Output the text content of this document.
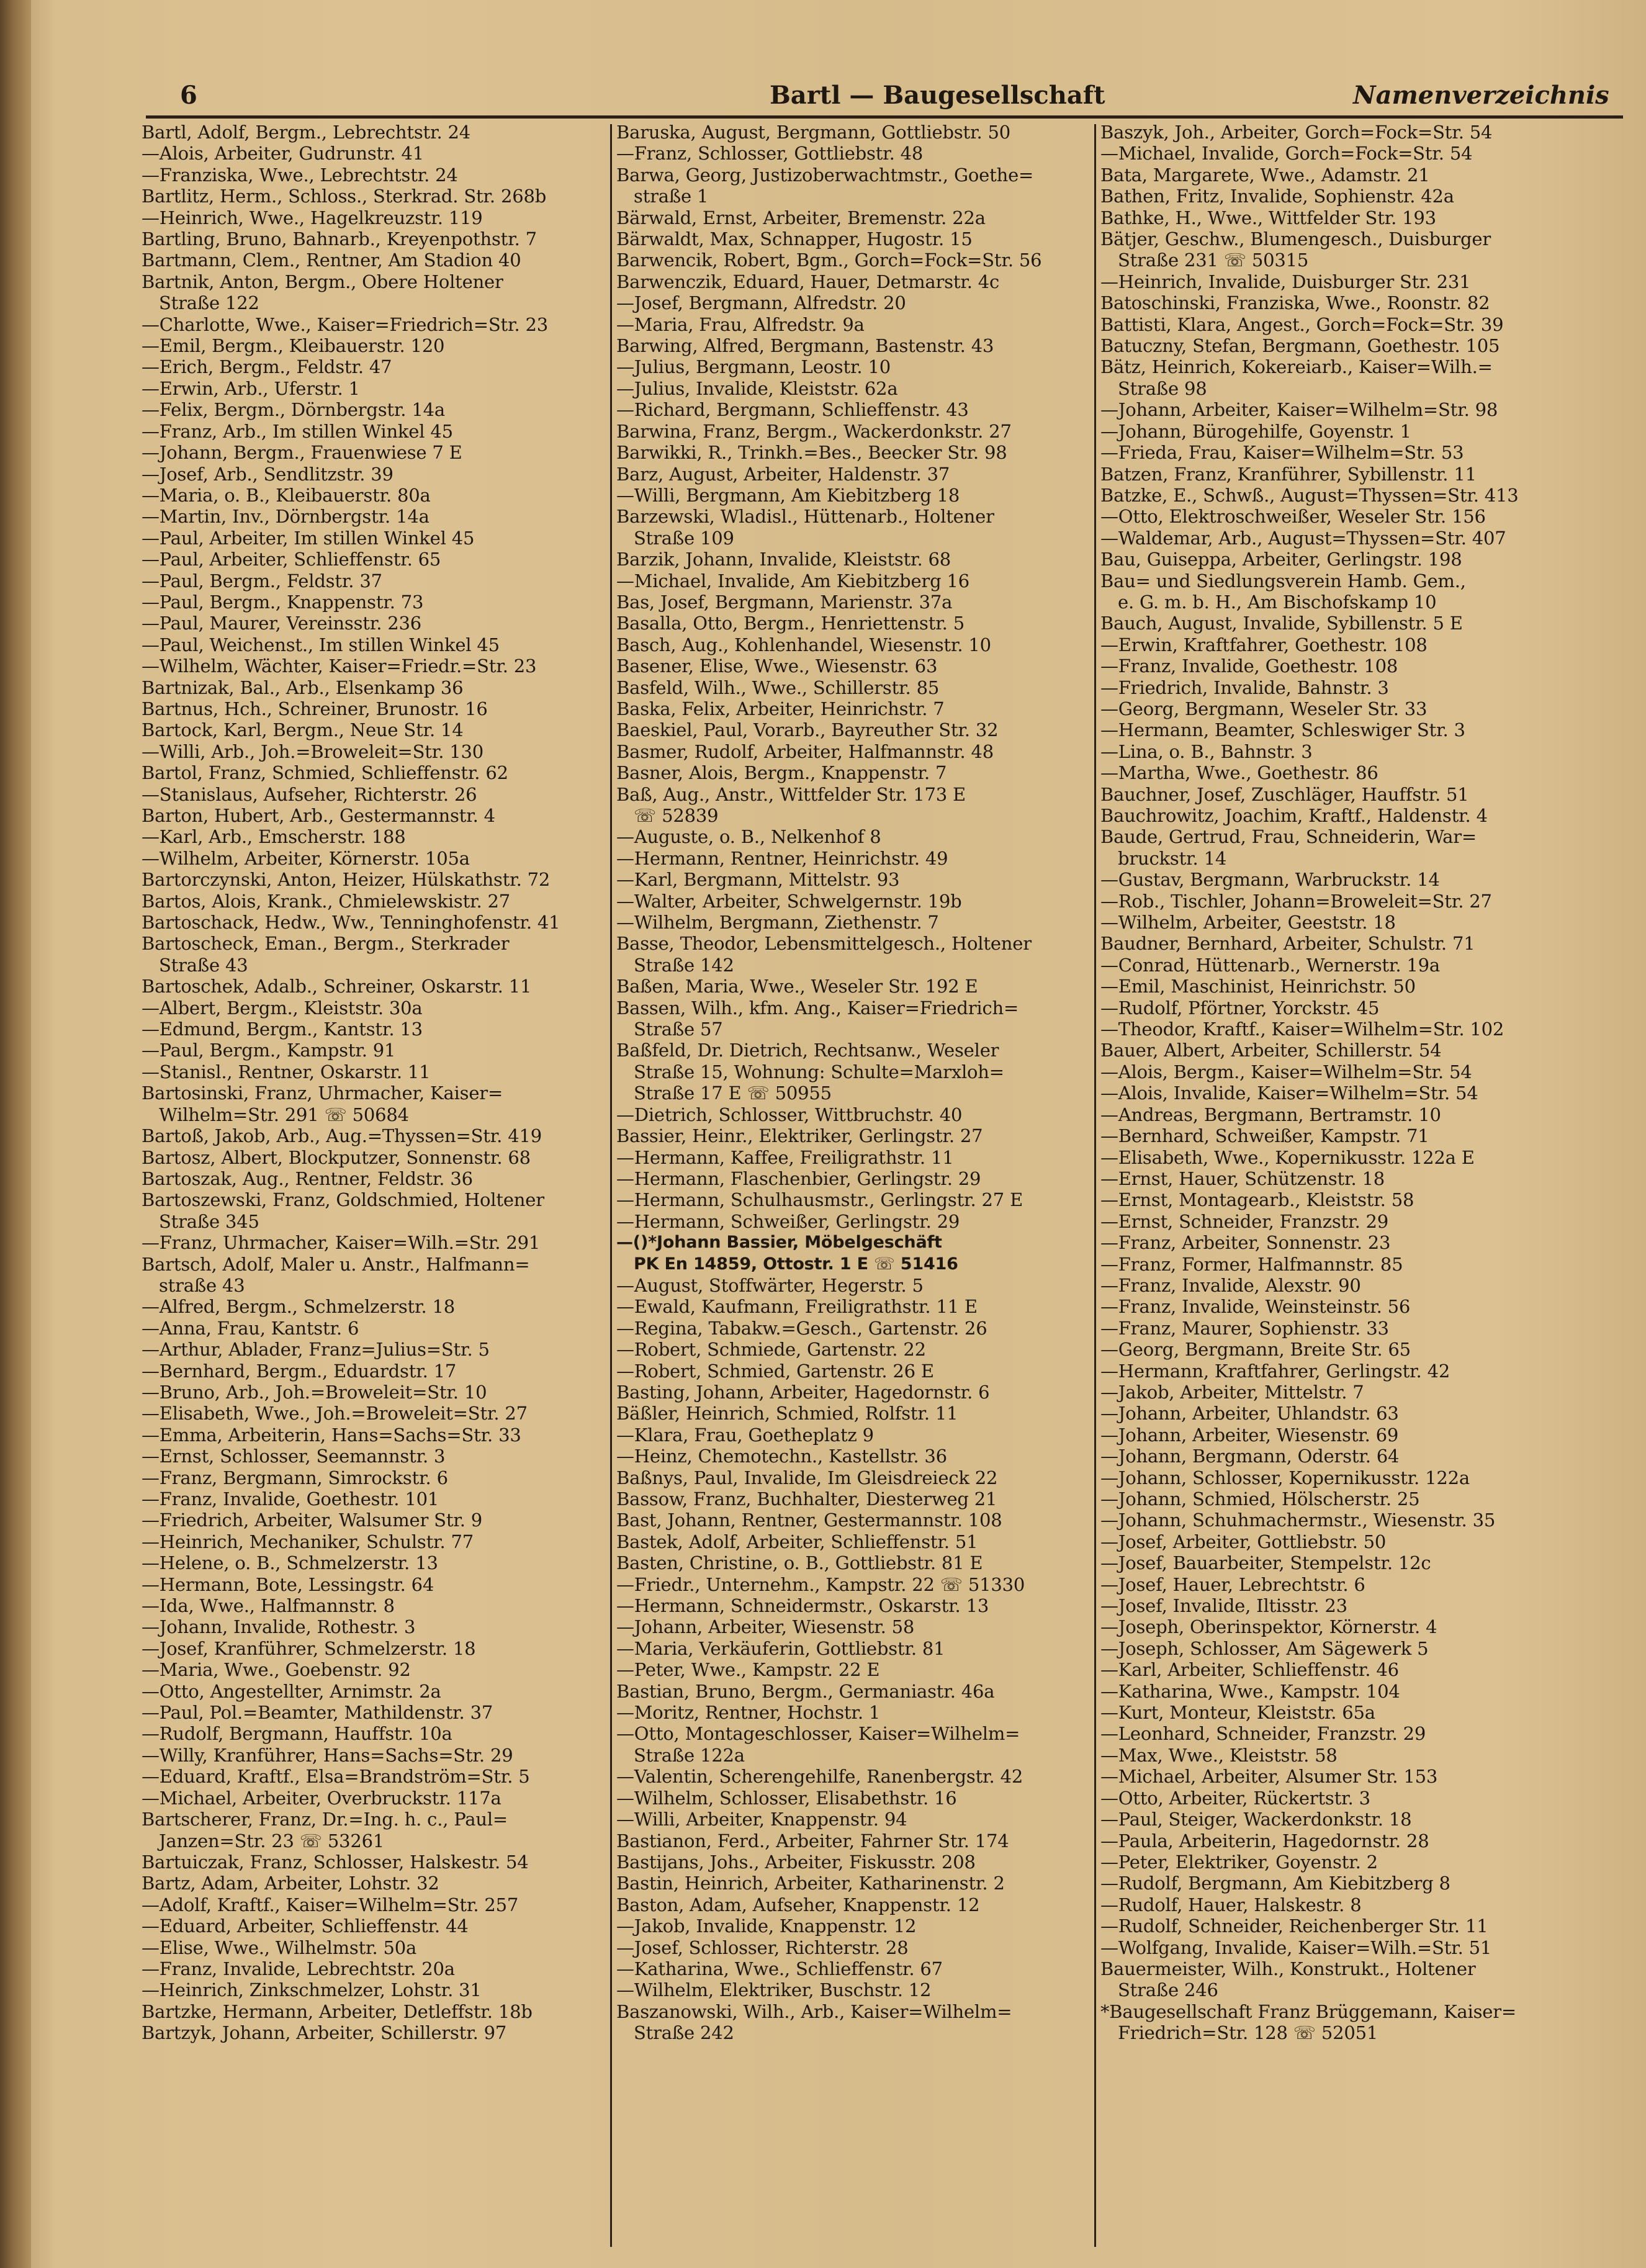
6	Bartl — Baugesellschaft	Namenverzeichnis
Bartl, Adolf, Bergm., Lebrechtstr. 24
—Alois, Arbeiter, Gudrunstr. 41
—Franziska, Wwe., Lebrechtstr. 24
Bartlitz, Herm., Schloss., Sterkrad. Str. 268b
—Heinrich, Wwe., Hagelkreuzstr. 119
Bartling, Bruno, Bahnarb., Kreyenpothstr. 7
Bartmann, Clem., Rentner, Am Stadion 40
Bartnik, Anton, Bergm., Obere Holtener
Straße 122
—Charlotte, Wwe., Kaiser=Friedrich=Str. 23
—Emil, Bergm., Kleibauerstr. 120
—Erich, Bergm., Feldstr. 47
—Erwin, Arb., Uferstr. 1
—Felix, Bergm., Dörnbergstr. 14a
—Franz, Arb., Im stillen Winkel 45
—Johann, Bergm., Frauenwiese 7 E
—Josef, Arb., Sendlitzstr. 39
—Maria, o. B., Kleibauerstr. 80a
—Martin, Inv., Dörnbergstr. 14a
—Paul, Arbeiter, Im stillen Winkel 45
—Paul, Arbeiter, Schlieffenstr. 65
—Paul, Bergm., Feldstr. 37
—Paul, Bergm., Knappenstr. 73
—Paul, Maurer, Vereinsstr. 236
—Paul, Weichenst., Im stillen Winkel 45
—Wilhelm, Wächter, Kaiser=Friedr.=Str. 23
Bartnizak, Bal., Arb., Elsenkamp 36
Bartnus, Hch., Schreiner, Brunostr. 16
Bartock, Karl, Bergm., Neue Str. 14
—Willi, Arb., Joh.=Broweleit=Str. 130
Bartol, Franz, Schmied, Schlieffenstr. 62
—Stanislaus, Aufseher, Richterstr. 26
Barton, Hubert, Arb., Gestermannstr. 4
—Karl, Arb., Emscherstr. 188
—Wilhelm, Arbeiter, Körnerstr. 105a
Bartorczynski, Anton, Heizer, Hülskathstr. 72
Bartos, Alois, Krank., Chmielewskistr. 27
Bartoschack, Hedw., Ww., Tenninghofenstr. 41
Bartoscheck, Eman., Bergm., Sterkrader
Straße 43
Bartoschek, Adalb., Schreiner, Oskarstr. 11
—Albert, Bergm., Kleiststr. 30a
—Edmund, Bergm., Kantstr. 13
—Paul, Bergm., Kampstr. 91
—Stanisl., Rentner, Oskarstr. 11
Bartosinski, Franz, Uhrmacher, Kaiser=
Wilhelm=Str. 291 ☏ 50684
Bartoß, Jakob, Arb., Aug.=Thyssen=Str. 419
Bartosz, Albert, Blockputzer, Sonnenstr. 68
Bartoszak, Aug., Rentner, Feldstr. 36
Bartoszewski, Franz, Goldschmied, Holtener
Straße 345
—Franz, Uhrmacher, Kaiser=Wilh.=Str. 291
Bartsch, Adolf, Maler u. Anstr., Halfmann=
straße 43
—Alfred, Bergm., Schmelzerstr. 18
—Anna, Frau, Kantstr. 6
—Arthur, Ablader, Franz=Julius=Str. 5
—Bernhard, Bergm., Eduardstr. 17
—Bruno, Arb., Joh.=Broweleit=Str. 10
—Elisabeth, Wwe., Joh.=Broweleit=Str. 27
—Emma, Arbeiterin, Hans=Sachs=Str. 33
—Ernst, Schlosser, Seemannstr. 3
—Franz, Bergmann, Simrockstr. 6
—Franz, Invalide, Goethestr. 101
—Friedrich, Arbeiter, Walsumer Str. 9
—Heinrich, Mechaniker, Schulstr. 77
—Helene, o. B., Schmelzerstr. 13
—Hermann, Bote, Lessingstr. 64
—Ida, Wwe., Halfmannstr. 8
—Johann, Invalide, Rothestr. 3
—Josef, Kranführer, Schmelzerstr. 18
—Maria, Wwe., Goebenstr. 92
—Otto, Angestellter, Arnimstr. 2a
—Paul, Pol.=Beamter, Mathildenstr. 37
—Rudolf, Bergmann, Hauffstr. 10a
—Willy, Kranführer, Hans=Sachs=Str. 29
—Eduard, Kraftf., Elsa=Brandström=Str. 5
—Michael, Arbeiter, Overbruckstr. 117a
Bartscherer, Franz, Dr.=Ing. h. c., Paul=
Janzen=Str. 23 ☏ 53261
Bartuiczak, Franz, Schlosser, Halskestr. 54
Bartz, Adam, Arbeiter, Lohstr. 32
—Adolf, Kraftf., Kaiser=Wilhelm=Str. 257
—Eduard, Arbeiter, Schlieffenstr. 44
—Elise, Wwe., Wilhelmstr. 50a
—Franz, Invalide, Lebrechtstr. 20a
—Heinrich, Zinkschmelzer, Lohstr. 31
Bartzke, Hermann, Arbeiter, Detleffstr. 18b
Bartzyk, Johann, Arbeiter, Schillerstr. 97
Baruska, August, Bergmann, Gottliebstr. 50
—Franz, Schlosser, Gottliebstr. 48
Barwa, Georg, Justizoberwachtmstr., Goethe=
straße 1
Bärwald, Ernst, Arbeiter, Bremenstr. 22a
Bärwaldt, Max, Schnapper, Hugostr. 15
Barwencik, Robert, Bgm., Gorch=Fock=Str. 56
Barwenczik, Eduard, Hauer, Detmarstr. 4c
—Josef, Bergmann, Alfredstr. 20
—Maria, Frau, Alfredstr. 9a
Barwing, Alfred, Bergmann, Bastenstr. 43
—Julius, Bergmann, Leostr. 10
—Julius, Invalide, Kleiststr. 62a
—Richard, Bergmann, Schlieffenstr. 43
Barwina, Franz, Bergm., Wackerdonkstr. 27
Barwikki, R., Trinkh.=Bes., Beecker Str. 98
Barz, August, Arbeiter, Haldenstr. 37
—Willi, Bergmann, Am Kiebitzberg 18
Barzewski, Wladisl., Hüttenarb., Holtener
Straße 109
Barzik, Johann, Invalide, Kleiststr. 68
—Michael, Invalide, Am Kiebitzberg 16
Bas, Josef, Bergmann, Marienstr. 37a
Basalla, Otto, Bergm., Henriettenstr. 5
Basch, Aug., Kohlenhandel, Wiesenstr. 10
Basener, Elise, Wwe., Wiesenstr. 63
Basfeld, Wilh., Wwe., Schillerstr. 85
Baska, Felix, Arbeiter, Heinrichstr. 7
Baeskiel, Paul, Vorarb., Bayreuther Str. 32
Basmer, Rudolf, Arbeiter, Halfmannstr. 48
Basner, Alois, Bergm., Knappenstr. 7
Baß, Aug., Anstr., Wittfelder Str. 173 E
☏ 52839
—Auguste, o. B., Nelkenhof 8
—Hermann, Rentner, Heinrichstr. 49
—Karl, Bergmann, Mittelstr. 93
—Walter, Arbeiter, Schwelgernstr. 19b
—Wilhelm, Bergmann, Ziethenstr. 7
Basse, Theodor, Lebensmittelgesch., Holtener
Straße 142
Baßen, Maria, Wwe., Weseler Str. 192 E
Bassen, Wilh., kfm. Ang., Kaiser=Friedrich=
Straße 57
Baßfeld, Dr. Dietrich, Rechtsanw., Weseler
Straße 15, Wohnung: Schulte=Marxloh=
Straße 17 E ☏ 50955
—Dietrich, Schlosser, Wittbruchstr. 40
Bassier, Heinr., Elektriker, Gerlingstr. 27
—Hermann, Kaffee, Freiligrathstr. 11
—Hermann, Flaschenbier, Gerlingstr. 29
—Hermann, Schulhausmstr., Gerlingstr. 27 E
—Hermann, Schweißer, Gerlingstr. 29
—()*Johann Bassier, Möbelgeschäft
PK En 14859, Ottostr. 1 E ☏ 51416
—August, Stoffwärter, Hegerstr. 5
—Ewald, Kaufmann, Freiligrathstr. 11 E
—Regina, Tabakw.=Gesch., Gartenstr. 26
—Robert, Schmiede, Gartenstr. 22
—Robert, Schmied, Gartenstr. 26 E
Basting, Johann, Arbeiter, Hagedornstr. 6
Bäßler, Heinrich, Schmied, Rolfstr. 11
—Klara, Frau, Goetheplatz 9
—Heinz, Chemotechn., Kastellstr. 36
Baßnys, Paul, Invalide, Im Gleisdreieck 22
Bassow, Franz, Buchhalter, Diesterweg 21
Bast, Johann, Rentner, Gestermannstr. 108
Bastek, Adolf, Arbeiter, Schlieffenstr. 51
Basten, Christine, o. B., Gottliebstr. 81 E
—Friedr., Unternehm., Kampstr. 22 ☏ 51330
—Hermann, Schneidermstr., Oskarstr. 13
—Johann, Arbeiter, Wiesenstr. 58
—Maria, Verkäuferin, Gottliebstr. 81
—Peter, Wwe., Kampstr. 22 E
Bastian, Bruno, Bergm., Germaniastr. 46a
—Moritz, Rentner, Hochstr. 1
—Otto, Montageschlosser, Kaiser=Wilhelm=
Straße 122a
—Valentin, Scherengehilfe, Ranenbergstr. 42
—Wilhelm, Schlosser, Elisabethstr. 16
—Willi, Arbeiter, Knappenstr. 94
Bastianon, Ferd., Arbeiter, Fahrner Str. 174
Bastijans, Johs., Arbeiter, Fiskusstr. 208
Bastin, Heinrich, Arbeiter, Katharinenstr. 2
Baston, Adam, Aufseher, Knappenstr. 12
—Jakob, Invalide, Knappenstr. 12
—Josef, Schlosser, Richterstr. 28
—Katharina, Wwe., Schlieffenstr. 67
—Wilhelm, Elektriker, Buschstr. 12
Baszanowski, Wilh., Arb., Kaiser=Wilhelm=
Straße 242
Baszyk, Joh., Arbeiter, Gorch=Fock=Str. 54
—Michael, Invalide, Gorch=Fock=Str. 54
Bata, Margarete, Wwe., Adamstr. 21
Bathen, Fritz, Invalide, Sophienstr. 42a
Bathke, H., Wwe., Wittfelder Str. 193
Bätjer, Geschw., Blumengesch., Duisburger
Straße 231 ☏ 50315
—Heinrich, Invalide, Duisburger Str. 231
Batoschinski, Franziska, Wwe., Roonstr. 82
Battisti, Klara, Angest., Gorch=Fock=Str. 39
Batuczny, Stefan, Bergmann, Goethestr. 105
Bätz, Heinrich, Kokereiarb., Kaiser=Wilh.=
Straße 98
—Johann, Arbeiter, Kaiser=Wilhelm=Str. 98
—Johann, Bürogehilfe, Goyenstr. 1
—Frieda, Frau, Kaiser=Wilhelm=Str. 53
Batzen, Franz, Kranführer, Sybillenstr. 11
Batzke, E., Schwß., August=Thyssen=Str. 413
—Otto, Elektroschweißer, Weseler Str. 156
—Waldemar, Arb., August=Thyssen=Str. 407
Bau, Guiseppa, Arbeiter, Gerlingstr. 198
Bau= und Siedlungsverein Hamb. Gem.,
e. G. m. b. H., Am Bischofskamp 10
Bauch, August, Invalide, Sybillenstr. 5 E
—Erwin, Kraftfahrer, Goethestr. 108
—Franz, Invalide, Goethestr. 108
—Friedrich, Invalide, Bahnstr. 3
—Georg, Bergmann, Weseler Str. 33
—Hermann, Beamter, Schleswiger Str. 3
—Lina, o. B., Bahnstr. 3
—Martha, Wwe., Goethestr. 86
Bauchner, Josef, Zuschläger, Hauffstr. 51
Bauchrowitz, Joachim, Kraftf., Haldenstr. 4
Baude, Gertrud, Frau, Schneiderin, War=
bruckstr. 14
—Gustav, Bergmann, Warbruckstr. 14
—Rob., Tischler, Johann=Broweleit=Str. 27
—Wilhelm, Arbeiter, Geeststr. 18
Baudner, Bernhard, Arbeiter, Schulstr. 71
—Conrad, Hüttenarb., Wernerstr. 19a
—Emil, Maschinist, Heinrichstr. 50
—Rudolf, Pförtner, Yorckstr. 45
—Theodor, Kraftf., Kaiser=Wilhelm=Str. 102
Bauer, Albert, Arbeiter, Schillerstr. 54
—Alois, Bergm., Kaiser=Wilhelm=Str. 54
—Alois, Invalide, Kaiser=Wilhelm=Str. 54
—Andreas, Bergmann, Bertramstr. 10
—Bernhard, Schweißer, Kampstr. 71
—Elisabeth, Wwe., Kopernikusstr. 122a E
—Ernst, Hauer, Schützenstr. 18
—Ernst, Montagearb., Kleiststr. 58
—Ernst, Schneider, Franzstr. 29
—Franz, Arbeiter, Sonnenstr. 23
—Franz, Former, Halfmannstr. 85
—Franz, Invalide, Alexstr. 90
—Franz, Invalide, Weinsteinstr. 56
—Franz, Maurer, Sophienstr. 33
—Georg, Bergmann, Breite Str. 65
—Hermann, Kraftfahrer, Gerlingstr. 42
—Jakob, Arbeiter, Mittelstr. 7
—Johann, Arbeiter, Uhlandstr. 63
—Johann, Arbeiter, Wiesenstr. 69
—Johann, Bergmann, Oderstr. 64
—Johann, Schlosser, Kopernikusstr. 122a
—Johann, Schmied, Hölscherstr. 25
—Johann, Schuhmachermstr., Wiesenstr. 35
—Josef, Arbeiter, Gottliebstr. 50
—Josef, Bauarbeiter, Stempelstr. 12c
—Josef, Hauer, Lebrechtstr. 6
—Josef, Invalide, Iltisstr. 23
—Joseph, Oberinspektor, Körnerstr. 4
—Joseph, Schlosser, Am Sägewerk 5
—Karl, Arbeiter, Schlieffenstr. 46
—Katharina, Wwe., Kampstr. 104
—Kurt, Monteur, Kleiststr. 65a
—Leonhard, Schneider, Franzstr. 29
—Max, Wwe., Kleiststr. 58
—Michael, Arbeiter, Alsumer Str. 153
—Otto, Arbeiter, Rückertstr. 3
—Paul, Steiger, Wackerdonkstr. 18
—Paula, Arbeiterin, Hagedornstr. 28
—Peter, Elektriker, Goyenstr. 2
—Rudolf, Bergmann, Am Kiebitzberg 8
—Rudolf, Hauer, Halskestr. 8
—Rudolf, Schneider, Reichenberger Str. 11
—Wolfgang, Invalide, Kaiser=Wilh.=Str. 51
Bauermeister, Wilh., Konstrukt., Holtener
Straße 246
*Baugesellschaft Franz Brüggemann, Kaiser=
Friedrich=Str. 128 ☏ 52051
